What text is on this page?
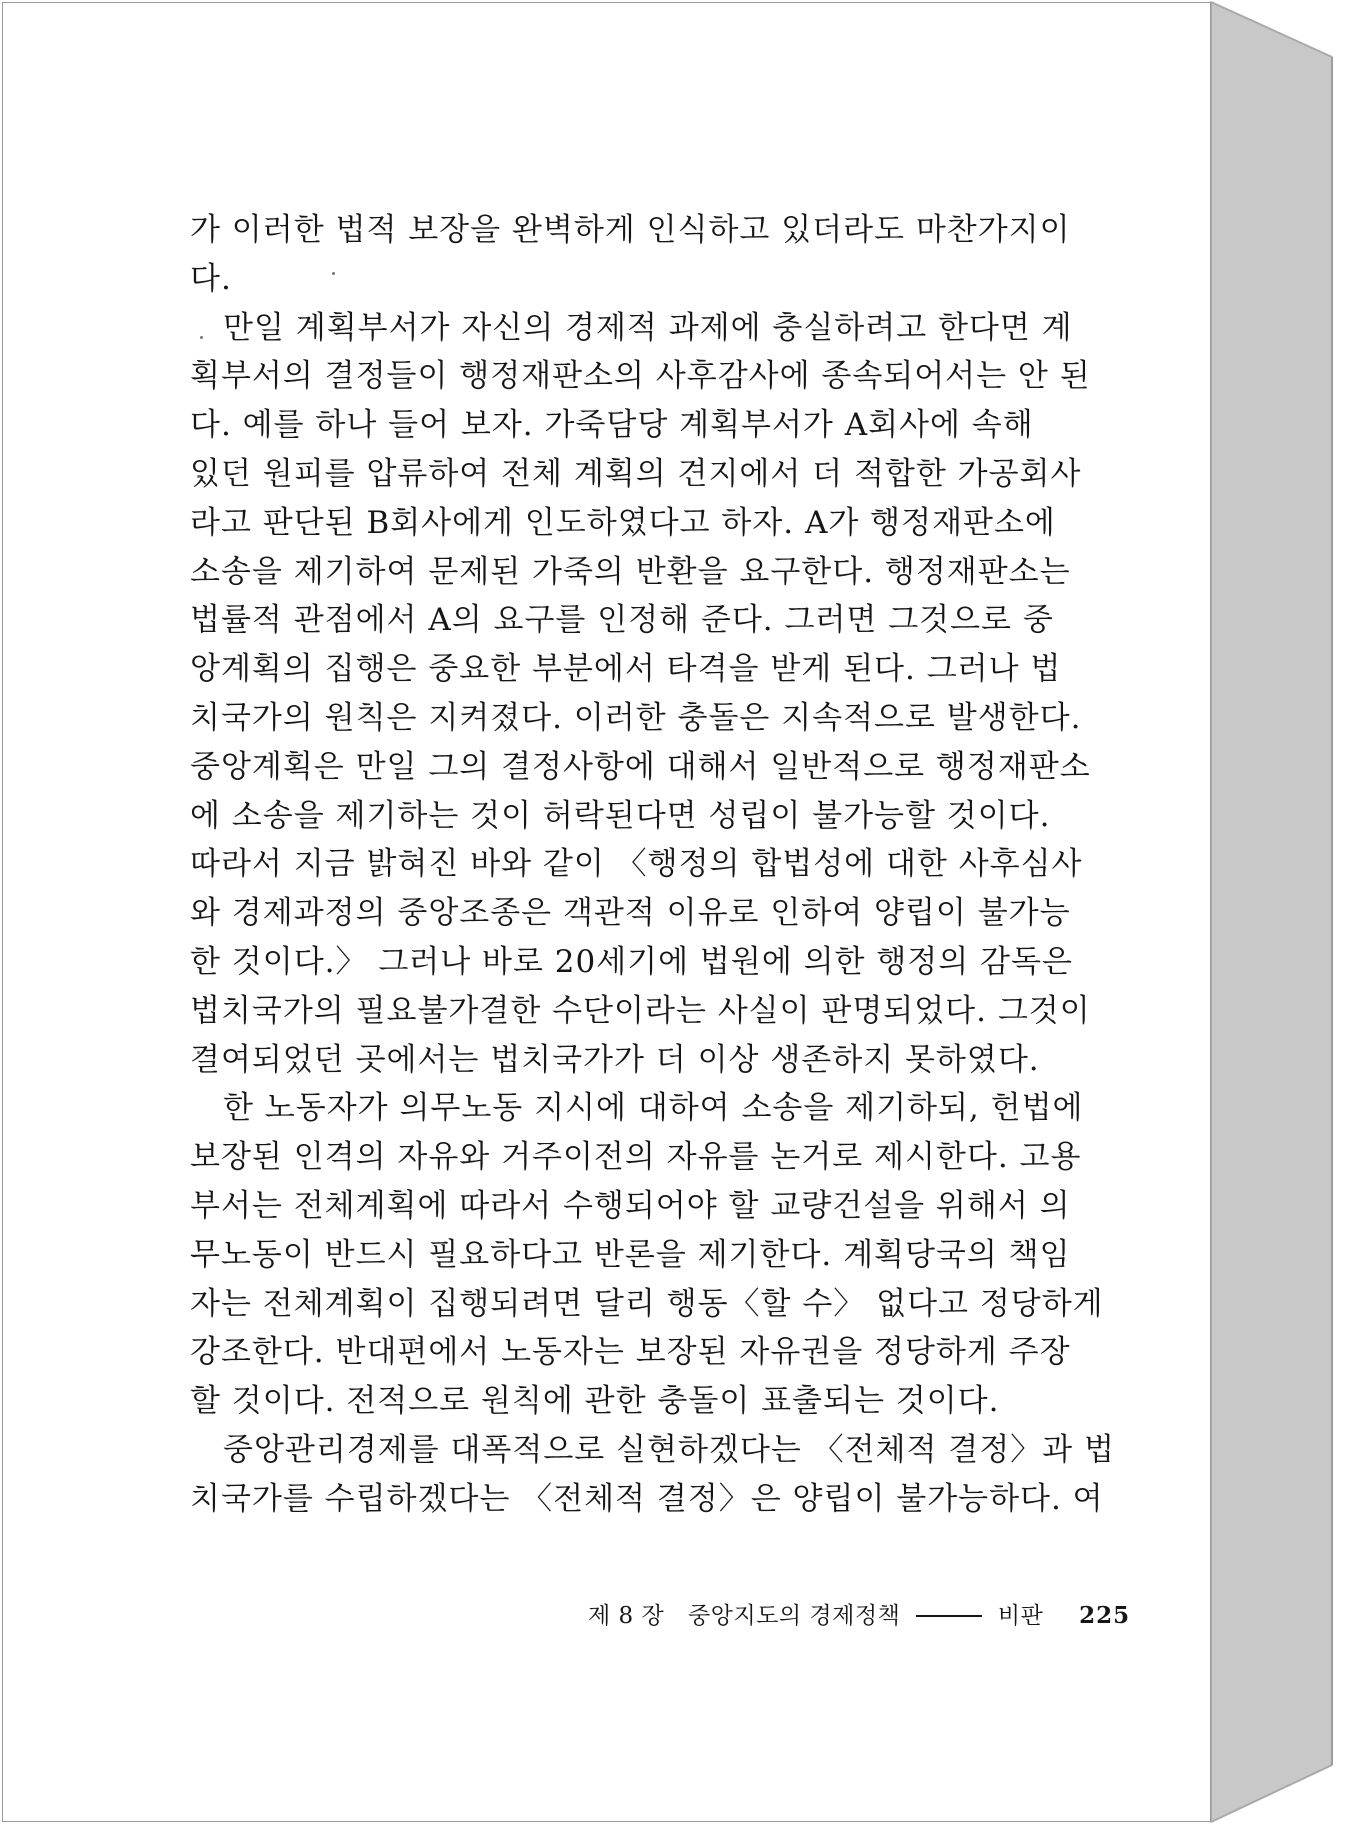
가 이러한 법적 보장을 완벽하게 인식하고 있더라도 마찬가지이
다.
만일 계획부서가 자신의 경제적 과제에 충실하려고 한다면 계
획부서의 결정들이 행정재판소의 사후감사에 종속되어서는 안 된
다. 예를 하나 들어 보자. 가죽담당 계획부서가 A회사에 속해
있던 원피를 압류하여 전체 계획의 견지에서 더 적합한 가공회사
라고 판단된 B회사에게 인도하였다고 하자. A가 행정재판소에
소송을 제기하여 문제된 가죽의 반환을 요구한다. 행정재판소는
법률적 관점에서 A의 요구를 인정해 준다. 그러면 그것으로 중
앙계획의 집행은 중요한 부분에서 타격을 받게 된다. 그러나 법
치국가의 원칙은 지켜졌다. 이러한 충돌은 지속적으로 발생한다.
중앙계획은 만일 그의 결정사항에 대해서 일반적으로 행정재판소
에 소송을 제기하는 것이 허락된다면 성립이 불가능할 것이다.
따라서 지금 밝혀진 바와 같이 〈행정의 합법성에 대한 사후심사
와 경제과정의 중앙조종은 객관적 이유로 인하여 양립이 불가능
한 것이다.〉 그러나 바로 20세기에 법원에 의한 행정의 감독은
법치국가의 필요불가결한 수단이라는 사실이 판명되었다. 그것이
결여되었던 곳에서는 법치국가가 더 이상 생존하지 못하였다.
한 노동자가 의무노동 지시에 대하여 소송을 제기하되, 헌법에
보장된 인격의 자유와 거주이전의 자유를 논거로 제시한다. 고용
부서는 전체계획에 따라서 수행되어야 할 교량건설을 위해서 의
무노동이 반드시 필요하다고 반론을 제기한다. 계획당국의 책임
자는 전체계획이 집행되려면 달리 행동〈할 수〉 없다고 정당하게
강조한다. 반대편에서 노동자는 보장된 자유권을 정당하게 주장
할 것이다. 전적으로 원칙에 관한 충돌이 표출되는 것이다.
중앙관리경제를 대폭적으로 실현하겠다는 〈전체적 결정〉과 법
치국가를 수립하겠다는 〈전체적 결정〉은 양립이 불가능하다. 여
제 8 장 중앙지도의 경제정책	비판 225
